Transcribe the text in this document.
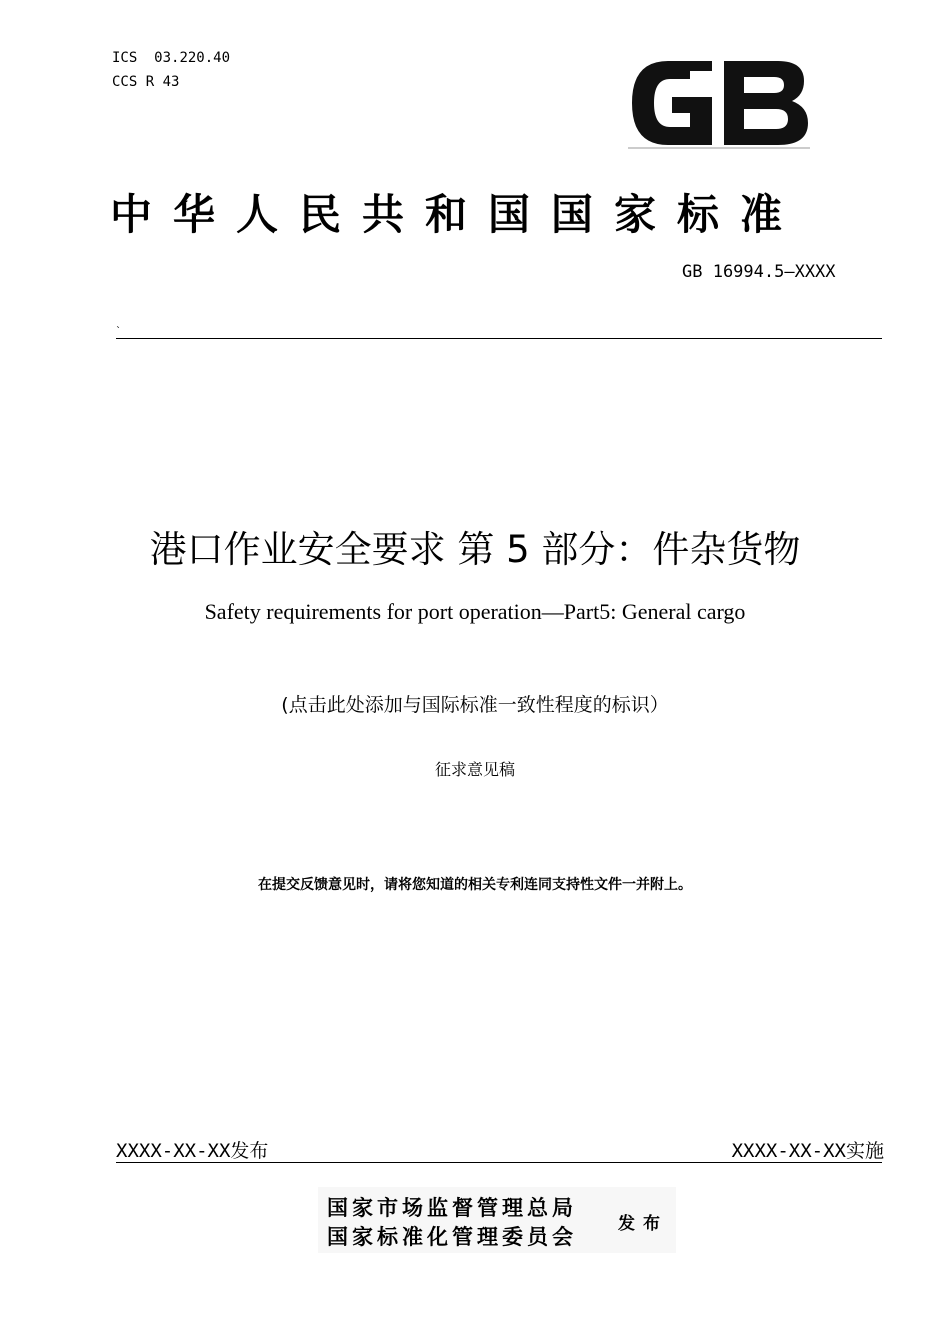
ICS 03.220.40
CCS R 43
中华人民共和国国家标准
GB 16994.5—XXXX
`
港口作业安全要求 第 5 部分：件杂货物
Safety requirements for port operation—Part5: General cargo
(点击此处添加与国际标准一致性程度的标识）
征求意见稿
在提交反馈意见时，请将您知道的相关专利连同支持性文件一并附上。
XXXX-XX-XX发布	XXXX-XX-XX实施
国家市场监督管理总局
国家标准化管理委员会 发布
